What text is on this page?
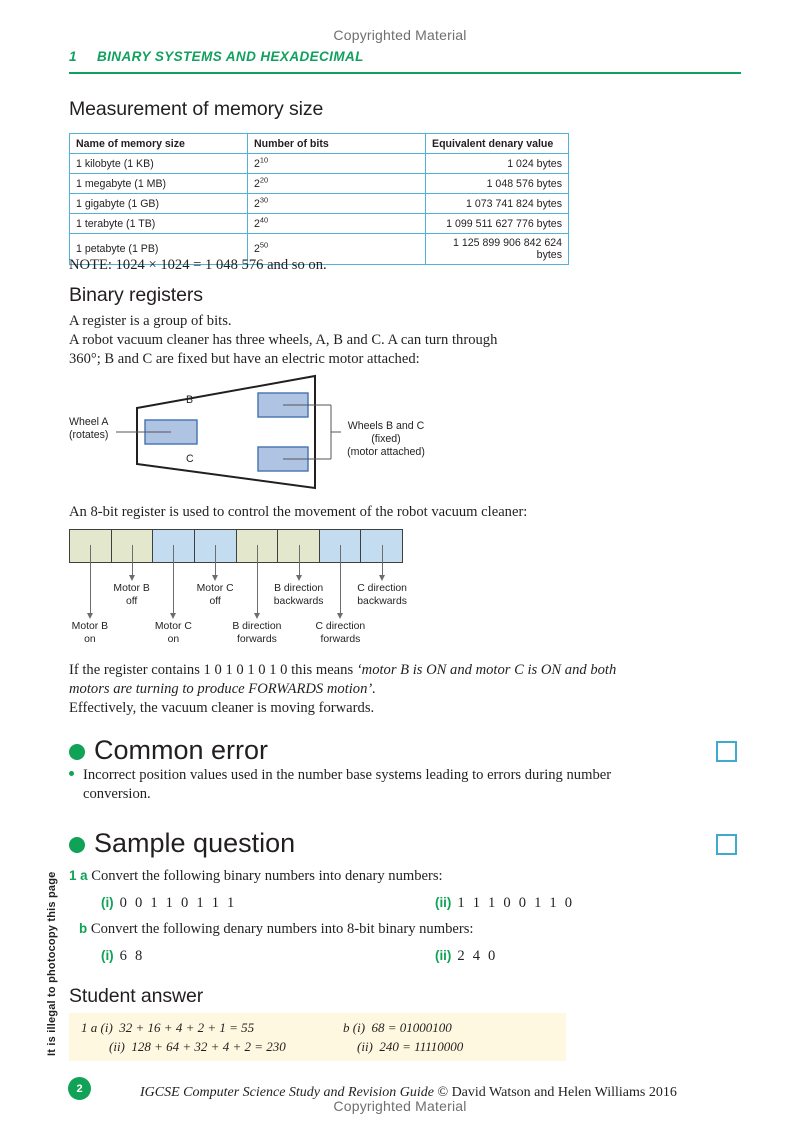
Copyrighted Material
Copyrighted Material
1 BINARY SYSTEMS AND HEXADECIMAL
Measurement of memory size
Name of memory size	Number of bits	Equivalent denary value
1 kilobyte (1 KB)	$2^{10}$	1 024 bytes
1 megabyte (1 MB)	$2^{20}$	1 048 576 bytes
1 gigabyte (1 GB)	$2^{30}$	1 073 741 824 bytes
1 terabyte (1 TB)	$2^{40}$	1 099 511 627 776 bytes
1 petabyte (1 PB)	$2^{50}$	1 125 899 906 842 624 bytes

NOTE: 1024 × 1024 = 1 048 576 and so on.

Binary registers

A register is a group of bits.
A robot vacuum cleaner has three wheels, A, B and C. A can turn through
360°; B and C are fixed but have an electric motor attached:

Wheel A
(rotates)
B
C
Wheels B and C
(fixed)
(motor attached)

An 8-bit register is used to control the movement of the robot vacuum cleaner:

Motor B
on
Motor B
off
Motor C
on
Motor C
off
B direction
forwards
B direction
backwards
C direction
forwards
C direction
backwards

If the register contains 1 0 1 0 1 0 1 0 this means ‘motor B is ON and motor C is ON and both motors are turning to produce FORWARDS motion’.
Effectively, the vacuum cleaner is moving forwards.

Common error
Incorrect position values used in the number base systems leading to errors during number conversion.
Sample question
1 a Convert the following binary numbers into denary numbers:
(i) 0 0 1 1 0 1 1 1	(ii) 1 1 1 0 0 1 1 0
b Convert the following denary numbers into 8-bit binary numbers:
(i) 6 8	(ii) 2 4 0
Student answer
1 a (i)  32 + 16 + 4 + 2 + 1 = 55
(ii)  128 + 64 + 32 + 4 + 2 = 230
b (i)  68 = 01000100
(ii)  240 = 11110000
It is illegal to photocopy this page
2	IGCSE Computer Science Study and Revision Guide © David Watson and Helen Williams 2016
